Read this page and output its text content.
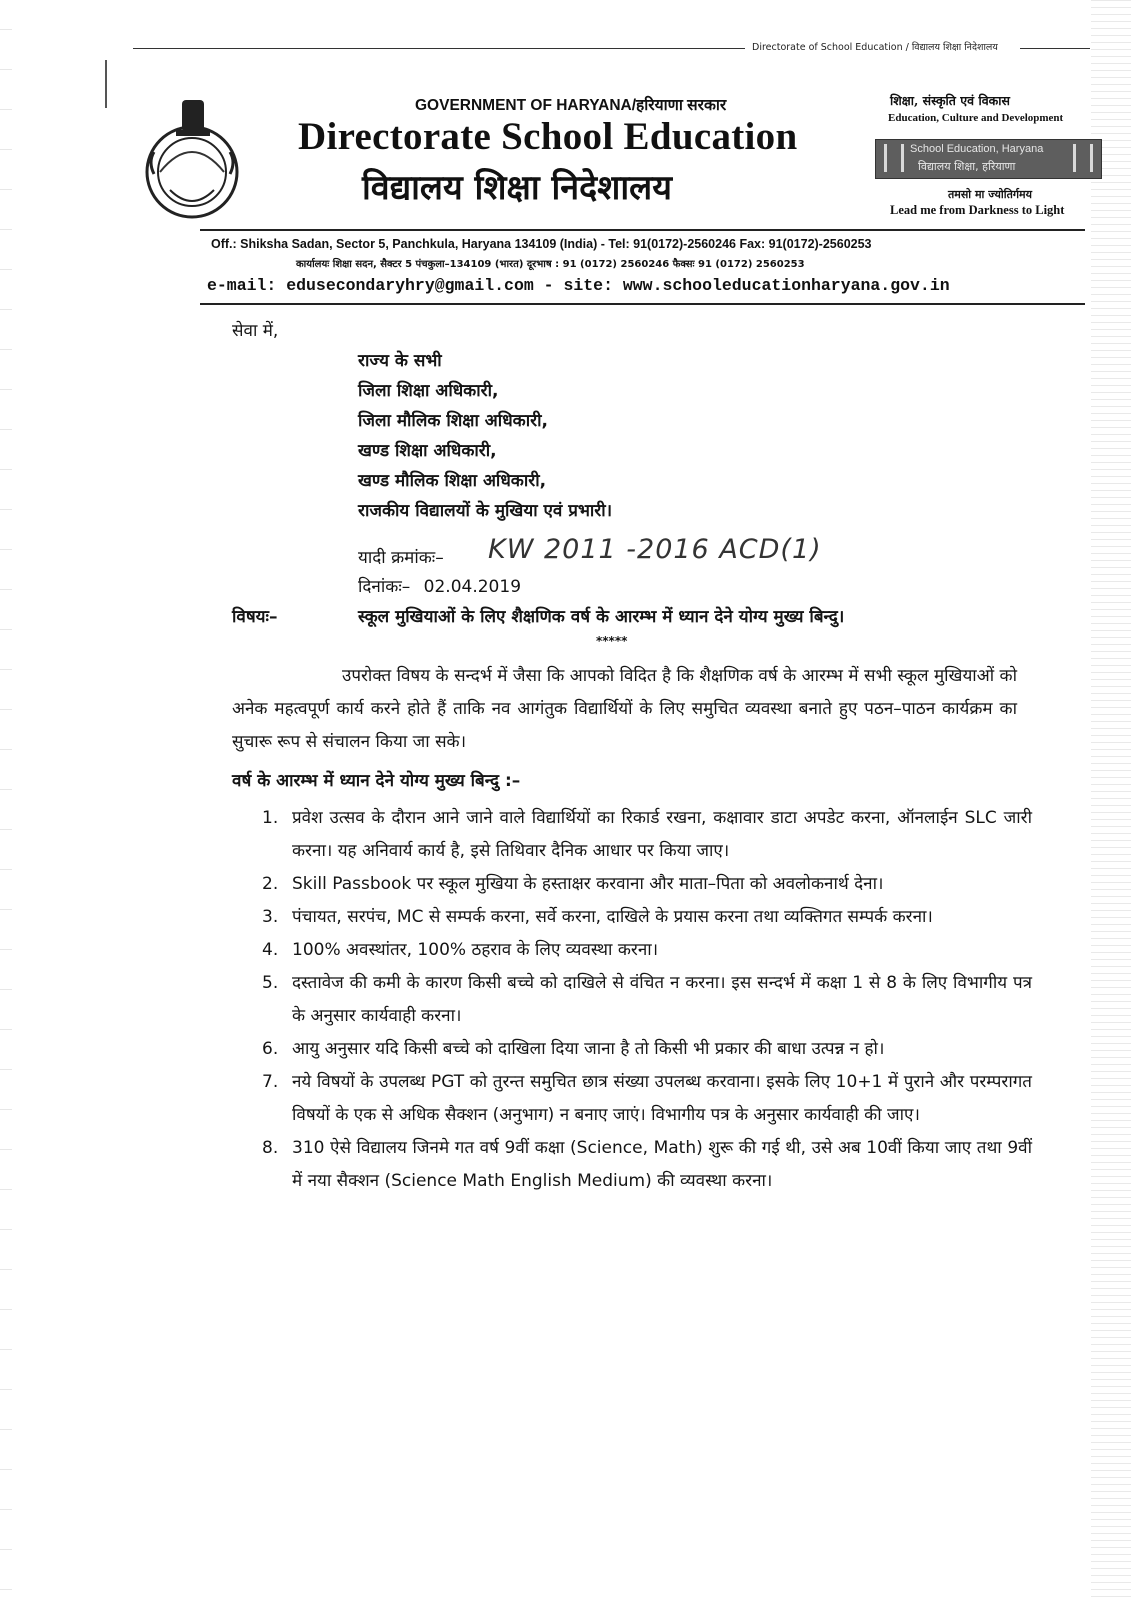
Directorate of School Education / विद्यालय शिक्षा निदेशालय
GOVERNMENT OF HARYANA/हरियाणा सरकार
Directorate School Education
विद्यालय शिक्षा निदेशालय
शिक्षा, संस्कृति एवं विकास
Education, Culture and Development
School Education, Haryana
विद्यालय शिक्षा, हरियाणा
तमसो मा ज्योतिर्गमय
Lead me from Darkness to Light
Off.: Shiksha Sadan, Sector 5, Panchkula, Haryana 134109 (India) - Tel: 91(0172)-2560246 Fax: 91(0172)-2560253
कार्यालयः शिक्षा सदन, सैक्टर 5 पंचकुला–134109 (भारत) दूरभाष : 91 (0172) 2560246 फैक्सः 91 (0172) 2560253
e-mail: edusecondaryhry@gmail.com - site: www.schooleducationharyana.gov.in
सेवा में,
राज्य के सभी
जिला शिक्षा अधिकारी,
जिला मौलिक शिक्षा अधिकारी,
खण्ड शिक्षा अधिकारी,
खण्ड मौलिक शिक्षा अधिकारी,
राजकीय विद्यालयों के मुखिया एवं प्रभारी।
यादी क्रमांकः– KW 2011 -2016 ACD(1)
दिनांकः– 02.04.2019
विषयः–	स्कूल मुखियाओं के लिए शैक्षणिक वर्ष के आरम्भ में ध्यान देने योग्य मुख्य बिन्दु।
*****
उपरोक्त विषय के सन्दर्भ में जैसा कि आपको विदित है कि शैक्षणिक वर्ष के आरम्भ में सभी स्कूल मुखियाओं को अनेक महत्वपूर्ण कार्य करने होते हैं ताकि नव आगंतुक विद्यार्थियों के लिए समुचित व्यवस्था बनाते हुए पठन–पाठन कार्यक्रम का सुचारू रूप से संचालन किया जा सके।
वर्ष के आरम्भ में ध्यान देने योग्य मुख्य बिन्दु :–
1. प्रवेश उत्सव के दौरान आने जाने वाले विद्यार्थियों का रिकार्ड रखना, कक्षावार डाटा अपडेट करना, ऑनलाईन SLC जारी करना। यह अनिवार्य कार्य है, इसे तिथिवार दैनिक आधार पर किया जाए।
2. Skill Passbook पर स्कूल मुखिया के हस्ताक्षर करवाना और माता–पिता को अवलोकनार्थ देना।
3. पंचायत, सरपंच, MC से सम्पर्क करना, सर्वे करना, दाखिले के प्रयास करना तथा व्यक्तिगत सम्पर्क करना।
4. 100% अवस्थांतर, 100% ठहराव के लिए व्यवस्था करना।
5. दस्तावेज की कमी के कारण किसी बच्चे को दाखिले से वंचित न करना। इस सन्दर्भ में कक्षा 1 से 8 के लिए विभागीय पत्र के अनुसार कार्यवाही करना।
6. आयु अनुसार यदि किसी बच्चे को दाखिला दिया जाना है तो किसी भी प्रकार की बाधा उत्पन्न न हो।
7. नये विषयों के उपलब्ध PGT को तुरन्त समुचित छात्र संख्या उपलब्ध करवाना। इसके लिए 10+1 में पुराने और परम्परागत विषयों के एक से अधिक सैक्शन (अनुभाग) न बनाए जाएं। विभागीय पत्र के अनुसार कार्यवाही की जाए।
8. 310 ऐसे विद्यालय जिनमे गत वर्ष 9वीं कक्षा (Science, Math) शुरू की गई थी, उसे अब 10वीं किया जाए तथा 9वीं में नया सैक्शन (Science Math English Medium) की व्यवस्था करना।
